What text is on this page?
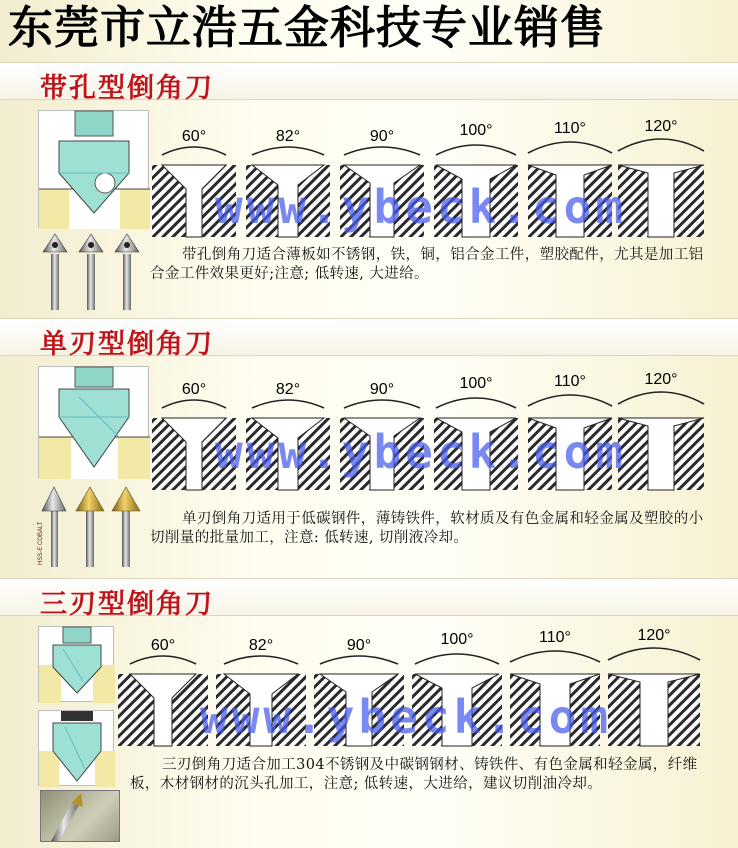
东莞市立浩五金科技专业销售
带孔型倒角刀
60°	82°	90°	100°	110°	120°
www.ybeck.com
带孔倒角刀适合薄板如不锈钢，铁，铜，铝合金工件，塑胶配件，尤其是加工铝合金工件效果更好;注意; 低转速, 大进给。
单刃型倒角刀
HSS-E COBALT
60°	82°	90°	100°	110°	120°
www.ybeck.com
单刃倒角刀适用于低碳钢件，薄铸铁件，软材质及有色金属和轻金属及塑胶的小切削量的批量加工，注意: 低转速, 切削液冷却。
三刃型倒角刀
60°	82°	90°	100°	110°	120°
www.ybeck.com
三刃倒角刀适合加工304不锈钢及中碳钢钢材、铸铁件、有色金属和轻金属，纤维板，木材钢材的沉头孔加工，注意; 低转速，大进给，建议切削油冷却。
